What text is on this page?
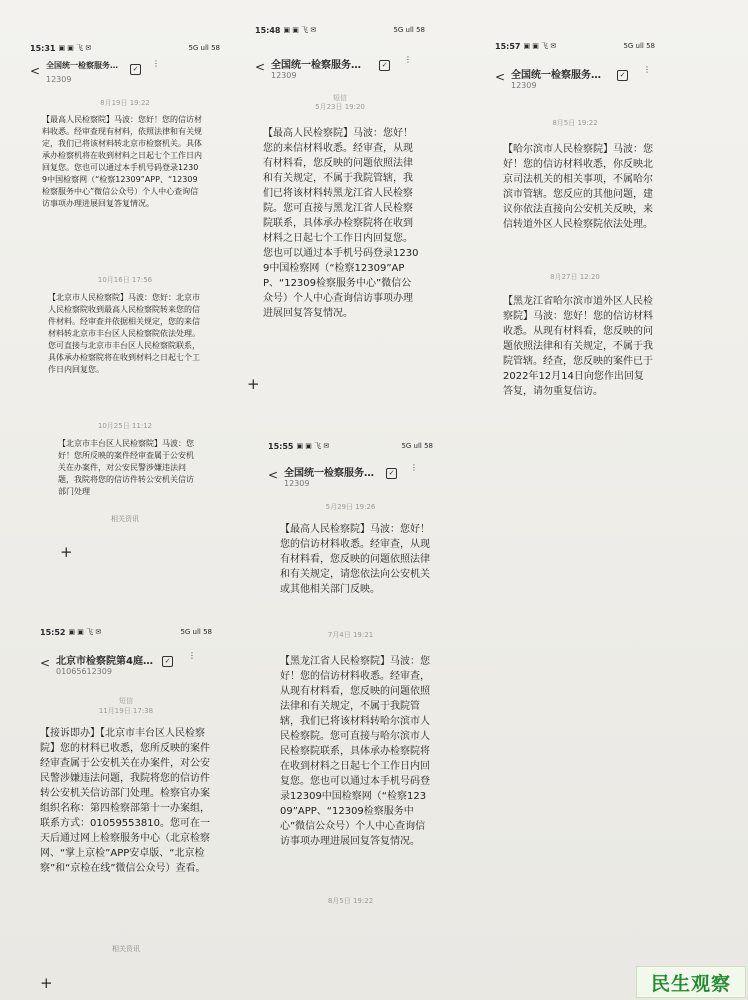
15:31 ▣ ▣ 飞 ✉	5G ull 58
< 全国统一检察服务…
12309
✓
⋮
8月19日 19:22
【最高人民检察院】马波：您好！您的信访材料收悉。经审查现有材料，依照法律和有关规定，我们已将该材料转北京市检察机关。具体承办检察机将在收到材料之日起七个工作日内回复您。您也可以通过本手机号码登录12309中国检察网（“检察12309”APP、“12309检察服务中心”微信公众号）个人中心查询信访事项办理进展回复答复情况。
10月16日 17:56
【北京市人民检察院】马波：您好：北京市人民检察院收到最高人民检察院转来您的信件材料。经审查并依据相关规定，您的来信材料转北京市丰台区人民检察院依法处理。您可直接与北京市丰台区人民检察院联系，具体承办检察院将在收到材料之日起七个工作日内回复您。
10月25日 11:12
【北京市丰台区人民检察院】马波：您好！您所反映的案件经审查属于公安机关在办案件，对公安民警涉嫌违法问题，我院将您的信访件转公安机关信访部门处理
相关资讯
+
15:48 ▣ ▣ 飞 ✉	5G ull 58
< 全国统一检察服务…
12309
✓
⋮
短信
5月23日 19:20
【最高人民检察院】马波：您好！您的来信材料收悉。经审查，从现有材料看，您反映的问题依照法律和有关规定，不属于我院管辖，我们已将该材料转黑龙江省人民检察院。您可直接与黑龙江省人民检察院联系，具体承办检察院将在收到材料之日起七个工作日内回复您。您也可以通过本手机号码登录12309中国检察网（“检察12309”APP、“12309检察服务中心”微信公众号）个人中心查询信访事项办理进展回复答复情况。
+
15:57 ▣ ▣ 飞 ✉	5G ull 58
< 全国统一检察服务…
12309
✓
⋮
8月5日 19:22
【哈尔滨市人民检察院】马波：您好！您的信访材料收悉，你反映北京司法机关的相关事项，不属哈尔滨市管辖。您反应的其他问题，建议你依法直接向公安机关反映，来信转道外区人民检察院依法处理。
8月27日 12:20
【黑龙江省哈尔滨市道外区人民检察院】马波：您好！您的信访材料收悉。从现有材料看，您反映的问题依照法律和有关规定，不属于我院管辖。经查，您反映的案件已于2022年12月14日向您作出回复答复，请勿重复信访。
15:55 ▣ ▣ 飞 ✉	5G ull 58
< 全国统一检察服务…
12309
✓
⋮
5月29日 19:26
【最高人民检察院】马波：您好！您的信访材料收悉。经审查，从现有材料看，您反映的问题依照法律和有关规定，请您依法向公安机关或其他相关部门反映。
7月4日 19:21
【黑龙江省人民检察院】马波：您好！您的信访材料收悉。经审查，从现有材料看，您反映的问题依照法律和有关规定，不属于我院管辖，我们已将该材料转哈尔滨市人民检察院。您可直接与哈尔滨市人民检察院联系，具体承办检察院将在收到材料之日起七个工作日内回复您。您也可以通过本手机号码登录12309中国检察网（“检察12309”APP、“12309检察服务中心”微信公众号）个人中心查询信访事项办理进展回复答复情况。
8月5日 19:22
15:52 ▣ ▣ 飞 ✉	5G ull 58
< 北京市检察院第4庭…
01065612309
✓
⋮
短信
11月19日 17:38
【接诉即办】【北京市丰台区人民检察院】您的材料已收悉，您所反映的案件经审查属于公安机关在办案件，对公安民警涉嫌违法问题，我院将您的信访件转公安机关信访部门处理。检察官办案组织名称：第四检察部第十一办案组，联系方式：01059553810。您可在一天后通过网上检察服务中心（北京检察网、“掌上京检”APP安卓版、“北京检察”和“京检在线”微信公众号）查看。
相关资讯
+	民生观察
